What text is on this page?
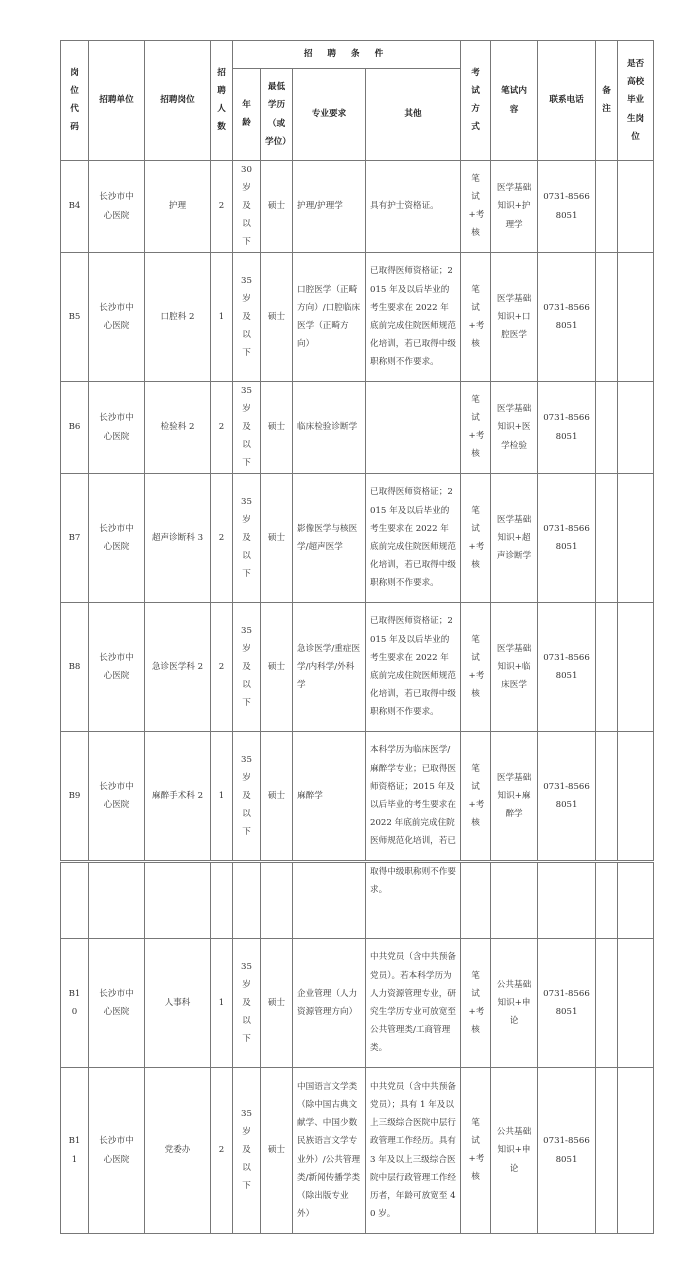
岗位代码	招聘单位	招聘岗位	招聘人数	招 聘 条 件				考试方式	笔试内容	联系电话	备注	是否高校毕业生岗位
				年龄	最低学历（或学位）	专业要求	其他					
B4	长沙市中心医院	护理	2	30岁及以下	硕士	护理/护理学	具有护士资格证。	笔试+考核	医学基础知识+护理学	0731-85668051		
B5	长沙市中心医院	口腔科 2	1	35岁及以下	硕士	口腔医学（正畸方向）/口腔临床医学（正畸方向）	已取得医师资格证；2015 年及以后毕业的考生要求在 2022 年底前完成住院医师规范化培训，若已取得中级职称则不作要求。	笔试+考核	医学基础知识+口腔医学	0731-85668051		
B6	长沙市中心医院	检验科 2	2	35岁及以下	硕士	临床检验诊断学		笔试+考核	医学基础知识+医学检验	0731-85668051		
B7	长沙市中心医院	超声诊断科 3	2	35岁及以下	硕士	影像医学与核医学/超声医学	已取得医师资格证；2015 年及以后毕业的考生要求在 2022 年底前完成住院医师规范化培训，若已取得中级职称则不作要求。	笔试+考核	医学基础知识+超声诊断学	0731-85668051		
B8	长沙市中心医院	急诊医学科 2	2	35岁及以下	硕士	急诊医学/重症医学/内科学/外科学	已取得医师资格证；2015 年及以后毕业的考生要求在 2022 年底前完成住院医师规范化培训，若已取得中级职称则不作要求。	笔试+考核	医学基础知识+临床医学	0731-85668051		
B9	长沙市中心医院	麻醉手术科 2	1	35岁及以下	硕士	麻醉学	本科学历为临床医学/麻醉学专业；已取得医师资格证；2015 年及以后毕业的考生要求在 2022 年底前完成住院医师规范化培训，若已	笔试+考核	医学基础知识+麻醉学	0731-85668051		
							取得中级职称则不作要求。					
B10	长沙市中心医院	人事科	1	35岁及以下	硕士	企业管理（人力资源管理方向）	中共党员（含中共预备党员）。若本科学历为人力资源管理专业，研究生学历专业可放宽至公共管理类/工商管理类。	笔试+考核	公共基础知识+申论	0731-85668051		
B11	长沙市中心医院	党委办	2	35岁及以下	硕士	中国语言文学类（除中国古典文献学、中国少数民族语言文学专业外）/公共管理类/新闻传播学类（除出版专业外）	中共党员（含中共预备党员）；具有 1 年及以上三级综合医院中层行政管理工作经历。具有 3 年及以上三级综合医院中层行政管理工作经历者，年龄可放宽至 40 岁。	笔试+考核	公共基础知识+申论	0731-85668051		
